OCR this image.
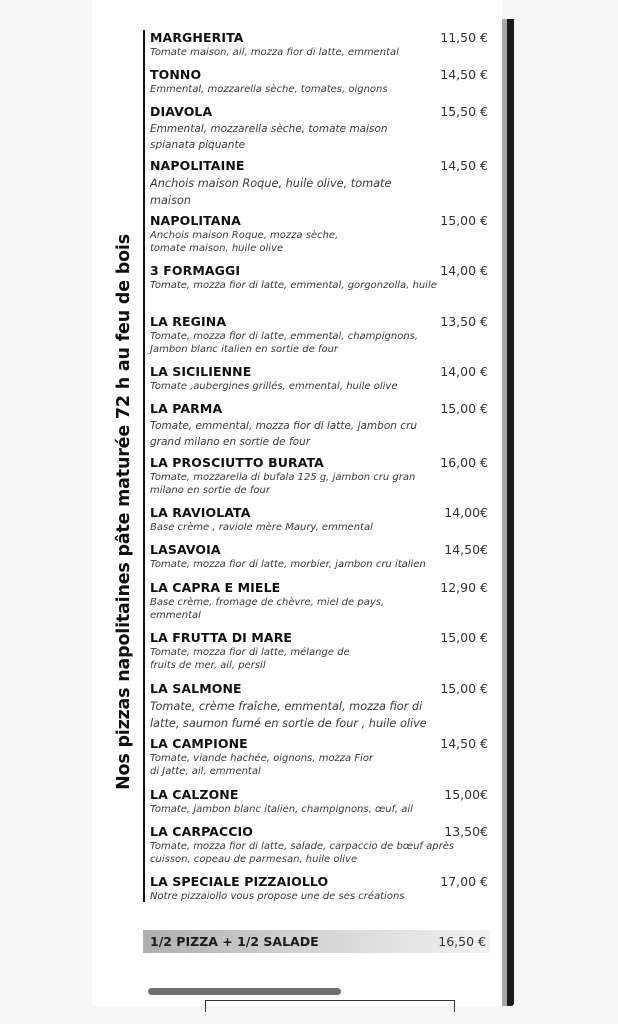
Nos pizzas napolitaines pâte maturée 72 h au feu de bois
MARGHERITA	11,50 €
Tomate maison, ail, mozza fior di latte, emmental
TONNO	14,50 €
Emmental, mozzarella sèche, tomates, oignons
DIAVOLA	15,50 €
Emmental, mozzarella sèche, tomate maison spianata piquante
NAPOLITAINE	14,50 €
Anchois maison Roque, huile olive, tomate maison
NAPOLITANA	15,00 €
Anchois maison Roque, mozza sèche, tomate maison, huile olive
3 FORMAGGI	14,00 €
Tomate, mozza fior di latte, emmental, gorgonzolla, huile
LA REGINA	13,50 €
Tomate, mozza fior di latte, emmental, champignons, Jambon blanc italien en sortie de four
LA SICILIENNE	14,00 €
Tomate ,aubergines grillés, emmental, huile olive
LA PARMA	15,00 €
Tomate, emmental, mozza fior di latte, jambon cru grand milano en sortie de four
LA PROSCIUTTO BURATA	16,00 €
Tomate, mozzarella di bufala 125 g, jambon cru gran milano en sortie de four
LA RAVIOLATA	14,00€
Base crème , raviole mère Maury, emmental
LASAVOIA	14,50€
Tomate, mozza fior di latte, morbier, jambon cru italien
LA CAPRA E MIELE	12,90 €
Base crème, fromage de chèvre, miel de pays, emmental
LA FRUTTA DI MARE	15,00 €
Tomate, mozza fior di latte, mélange de fruits de mer, ail, persil
LA SALMONE	15,00 €
Tomate, crème fraîche, emmental, mozza fior di latte, saumon fumé en sortie de four , huile olive
LA CAMPIONE	14,50 €
Tomate, viande hachée, oignons, mozza Fior di Jatte, ail, emmental
LA CALZONE	15,00€
Tomate, jambon blanc italien, champignons, œuf, ail
LA CARPACCIO	13,50€
Tomate, mozza fior di latte, salade, carpaccio de bœuf après cuisson, copeau de parmesan, huile olive
LA SPECIALE PIZZAIOLLO	17,00 €
Notre pizzaiollo vous propose une de ses créations
1/2 PIZZA + 1/2 SALADE	16,50 €
